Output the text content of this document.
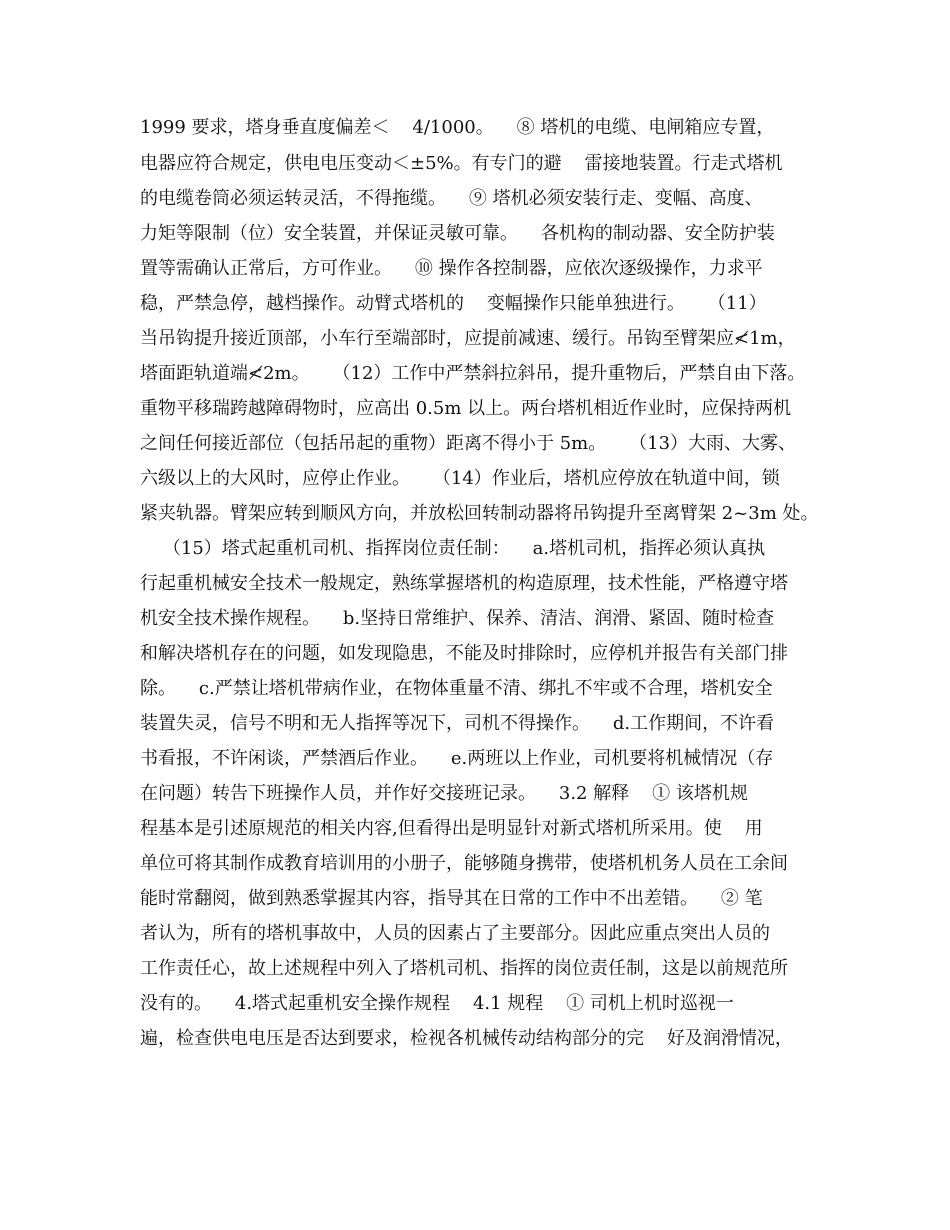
1999 要求，塔身垂直度偏差＜    4/1000。    ⑧ 塔机的电缆、电闸箱应专置，
电器应符合规定，供电电压变动＜±5%。有专门的避    雷接地装置。行走式塔机
的电缆卷筒必须运转灵活，不得拖缆。    ⑨ 塔机必须安装行走、变幅、高度、
力矩等限制（位）安全装置，并保证灵敏可靠。    各机构的制动器、安全防护装
置等需确认正常后，方可作业。    ⑩ 操作各控制器，应依次逐级操作，力求平
稳，严禁急停，越档操作。动臂式塔机的    变幅操作只能单独进行。    （11）
当吊钩提升接近顶部，小车行至端部时，应提前减速、缓行。吊钩至臂架应≮1m，
塔面距轨道端≮2m。    （12）工作中严禁斜拉斜吊，提升重物后，严禁自由下落。
重物平移瑞跨越障碍物时，应高出 0.5m 以上。两台塔机相近作业时，应保持两机
之间任何接近部位（包括吊起的重物）距离不得小于 5m。    （13）大雨、大雾、
六级以上的大风时，应停止作业。    （14）作业后，塔机应停放在轨道中间，锁
紧夹轨器。臂架应转到顺风方向，并放松回转制动器将吊钩提升至离臂架 2~3m 处。
（15）塔式起重机司机、指挥岗位责任制：    a.塔机司机，指挥必须认真执
行起重机械安全技术一般规定，熟练掌握塔机的构造原理，技术性能，严格遵守塔
机安全技术操作规程。    b.坚持日常维护、保养、清洁、润滑、紧固、随时检查
和解决塔机存在的问题，如发现隐患，不能及时排除时，应停机并报告有关部门排
除。    c.严禁让塔机带病作业，在物体重量不清、绑扎不牢或不合理，塔机安全
装置失灵，信号不明和无人指挥等况下，司机不得操作。    d.工作期间，不许看
书看报，不许闲谈，严禁酒后作业。    e.两班以上作业，司机要将机械情况（存
在问题）转告下班操作人员，并作好交接班记录。    3.2 解释    ① 该塔机规
程基本是引述原规范的相关内容,但看得出是明显针对新式塔机所采用。使    用
单位可将其制作成教育培训用的小册子，能够随身携带，使塔机机务人员在工余间
能时常翻阅，做到熟悉掌握其内容，指导其在日常的工作中不出差错。    ② 笔
者认为，所有的塔机事故中，人员的因素占了主要部分。因此应重点突出人员的
工作责任心，故上述规程中列入了塔机司机、指挥的岗位责任制，这是以前规范所
没有的。    4.塔式起重机安全操作规程    4.1 规程    ① 司机上机时巡视一
遍，检查供电电压是否达到要求，检视各机械传动结构部分的完    好及润滑情况，
